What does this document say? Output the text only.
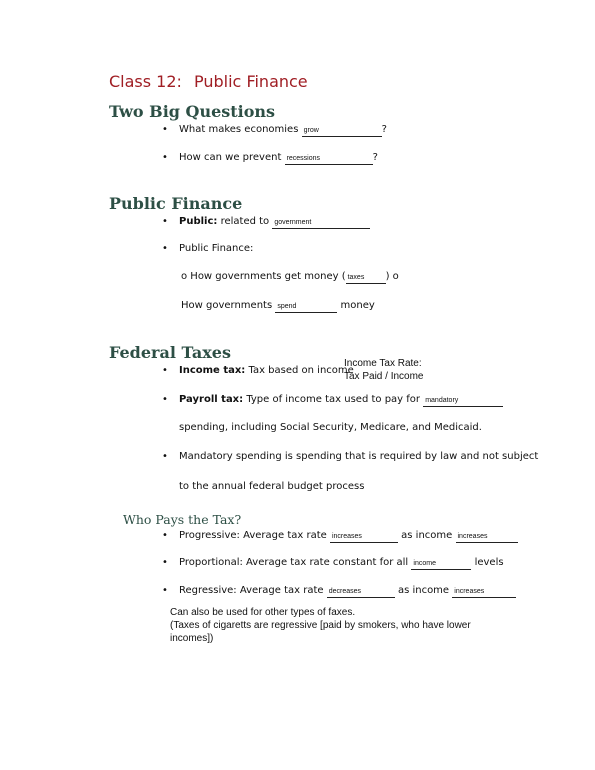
Class 12: Public Finance
Two Big Questions
• What makes economies grow	?
• How can we prevent recessions	?
Public Finance
• Public: related to government
• Public Finance:
o How governments get money ( taxes ) o
How governments spend	money
Federal Taxes
• Income tax: Tax based on income
Income Tax Rate:
Tax Paid / Income
• Payroll tax: Type of income tax used to pay for mandatory
spending, including Social Security, Medicare, and Medicaid.
• Mandatory spending is spending that is required by law and not subject
to the annual federal budget process
Who Pays the Tax?
• Progressive: Average tax rate increases	as income increases
• Proportional: Average tax rate constant for all income	levels
• Regressive: Average tax rate decreases	as income increases
Can also be used for other types of faxes.
(Taxes of cigaretts are regressive [paid by smokers, who have lower
incomes])
